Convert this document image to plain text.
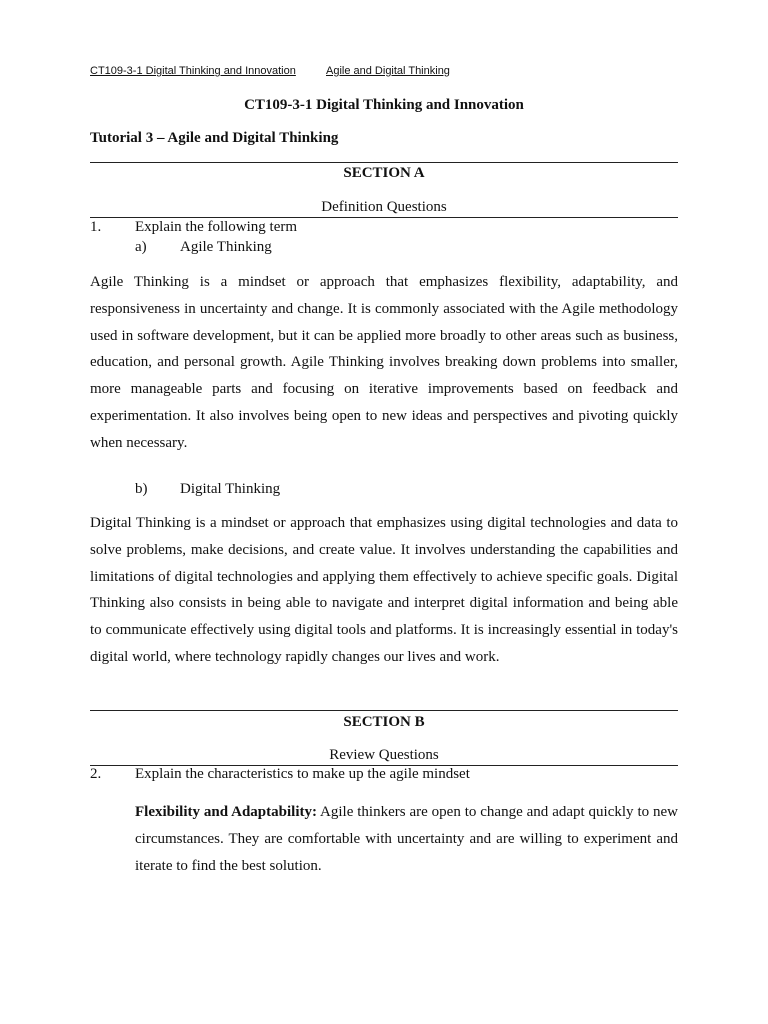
CT109-3-1 Digital Thinking and Innovation	Agile and Digital Thinking
CT109-3-1 Digital Thinking and Innovation
Tutorial 3 – Agile and Digital Thinking
SECTION A
Definition Questions
1. Explain the following term
a) Agile Thinking

Agile Thinking is a mindset or approach that emphasizes flexibility, adaptability, and responsiveness in uncertainty and change. It is commonly associated with the Agile methodology used in software development, but it can be applied more broadly to other areas such as business, education, and personal growth. Agile Thinking involves breaking down problems into smaller, more manageable parts and focusing on iterative improvements based on feedback and experimentation. It also involves being open to new ideas and perspectives and pivoting quickly when necessary.

b) Digital Thinking

Digital Thinking is a mindset or approach that emphasizes using digital technologies and data to solve problems, make decisions, and create value. It involves understanding the capabilities and limitations of digital technologies and applying them effectively to achieve specific goals. Digital Thinking also consists in being able to navigate and interpret digital information and being able to communicate effectively using digital tools and platforms. It is increasingly essential in today's digital world, where technology rapidly changes our lives and work.

SECTION B
Review Questions
2. Explain the characteristics to make up the agile mindset

Flexibility and Adaptability: Agile thinkers are open to change and adapt quickly to new circumstances. They are comfortable with uncertainty and are willing to experiment and iterate to find the best solution.
